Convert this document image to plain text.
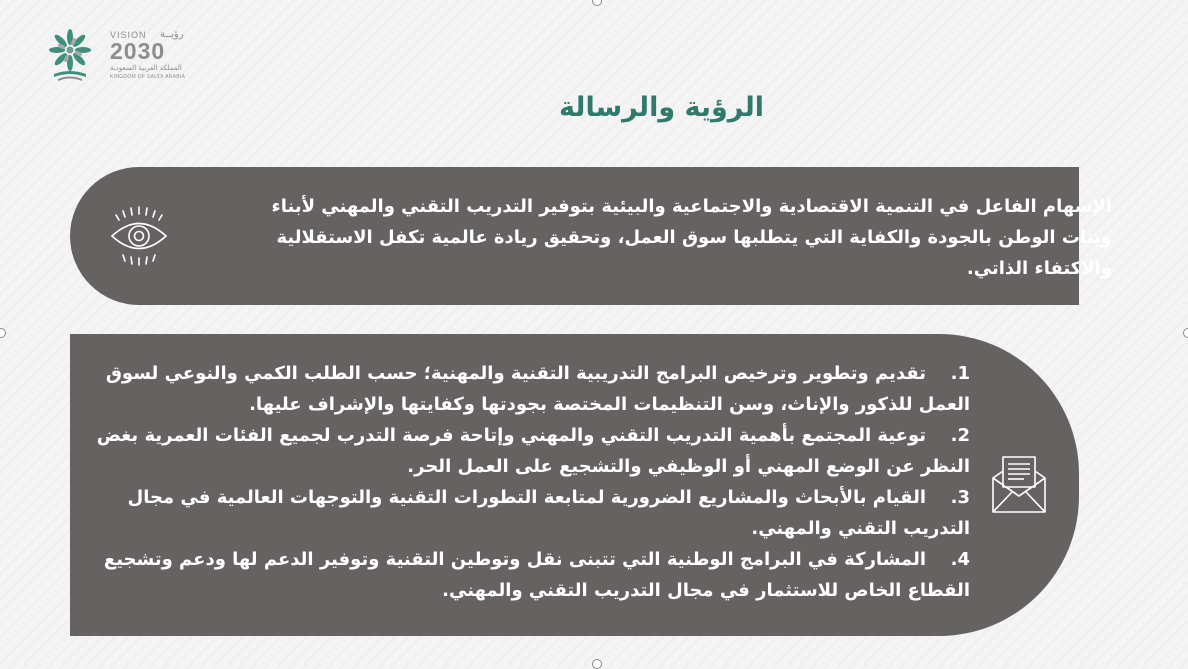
VISION رؤيــة
2030
المملكة العربية السعودية
KINGDOM OF SAUDI ARABIA
الرؤية والرسالة
الإسهام الفاعل في التنمية الاقتصادية والاجتماعية والبيئية بتوفير التدريب التقني والمهني لأبناء وبنات الوطن بالجودة والكفاية التي يتطلبها سوق العمل، وتحقيق ريادة عالمية تكفل الاستقلالية والاكتفاء الذاتي.
1.تقديم وتطوير وترخيص البرامج التدريبية التقنية والمهنية؛ حسب الطلب الكمي والنوعي لسوق العمل للذكور والإناث، وسن التنظيمات المختصة بجودتها وكفايتها والإشراف عليها.
2.توعية المجتمع بأهمية التدريب التقني والمهني وإتاحة فرصة التدرب لجميع الفئات العمرية بغض النظر عن الوضع المهني أو الوظيفي والتشجيع على العمل الحر.
3.القيام بالأبحاث والمشاريع الضرورية لمتابعة التطورات التقنية والتوجهات العالمية في مجال التدريب التقني والمهني.
4.المشاركة في البرامج الوطنية التي تتبنى نقل وتوطين التقنية وتوفير الدعم لها ودعم وتشجيع القطاع الخاص للاستثمار في مجال التدريب التقني والمهني.
